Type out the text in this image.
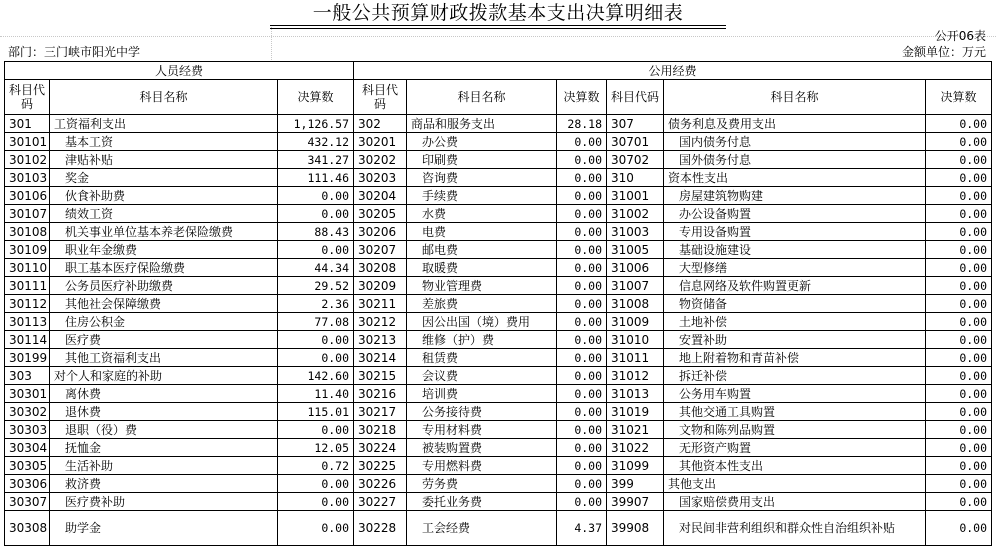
一般公共预算财政拨款基本支出决算明细表
公开06表
部门：三门峡市阳光中学	金额单位：万元
人员经费			公用经费					
科目代码	科目名称	决算数	科目代码	科目名称	决算数	科目代码	科目名称	决算数
301	工资福利支出	1,126.57	302	商品和服务支出	28.18	307	债务利息及费用支出	0.00
30101	基本工资	432.12	30201	办公费	0.00	30701	国内债务付息	0.00
30102	津贴补贴	341.27	30202	印刷费	0.00	30702	国外债务付息	0.00
30103	奖金	111.46	30203	咨询费	0.00	310	资本性支出	0.00
30106	伙食补助费	0.00	30204	手续费	0.00	31001	房屋建筑物购建	0.00
30107	绩效工资	0.00	30205	水费	0.00	31002	办公设备购置	0.00
30108	机关事业单位基本养老保险缴费	88.43	30206	电费	0.00	31003	专用设备购置	0.00
30109	职业年金缴费	0.00	30207	邮电费	0.00	31005	基础设施建设	0.00
30110	职工基本医疗保险缴费	44.34	30208	取暖费	0.00	31006	大型修缮	0.00
30111	公务员医疗补助缴费	29.52	30209	物业管理费	0.00	31007	信息网络及软件购置更新	0.00
30112	其他社会保障缴费	2.36	30211	差旅费	0.00	31008	物资储备	0.00
30113	住房公积金	77.08	30212	因公出国（境）费用	0.00	31009	土地补偿	0.00
30114	医疗费	0.00	30213	维修（护）费	0.00	31010	安置补助	0.00
30199	其他工资福利支出	0.00	30214	租赁费	0.00	31011	地上附着物和青苗补偿	0.00
303	对个人和家庭的补助	142.60	30215	会议费	0.00	31012	拆迁补偿	0.00
30301	离休费	11.40	30216	培训费	0.00	31013	公务用车购置	0.00
30302	退休费	115.01	30217	公务接待费	0.00	31019	其他交通工具购置	0.00
30303	退职（役）费	0.00	30218	专用材料费	0.00	31021	文物和陈列品购置	0.00
30304	抚恤金	12.05	30224	被装购置费	0.00	31022	无形资产购置	0.00
30305	生活补助	0.72	30225	专用燃料费	0.00	31099	其他资本性支出	0.00
30306	救济费	0.00	30226	劳务费	0.00	399	其他支出	0.00
30307	医疗费补助	0.00	30227	委托业务费	0.00	39907	国家赔偿费用支出	0.00
30308	助学金	0.00	30228	工会经费	4.37	39908	对民间非营利组织和群众性自治组织补贴	0.00
